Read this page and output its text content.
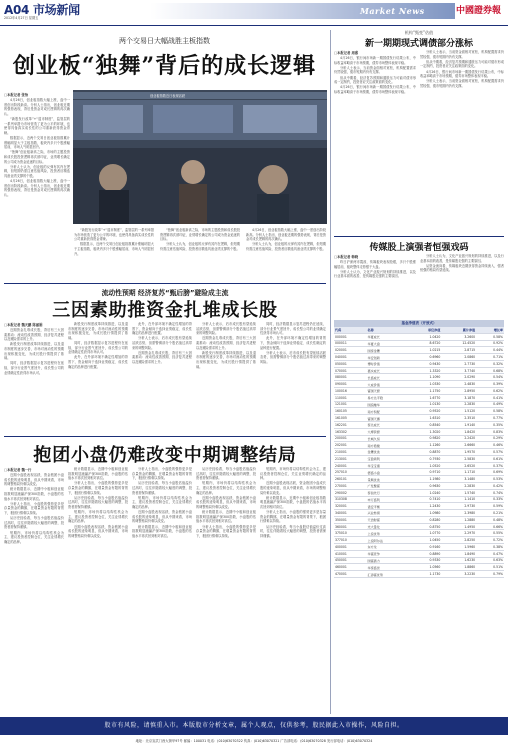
A04 市场新闻
2012年4月27日 星期五
Market News	中國證券報
两个交易日大幅战胜主板指数
创业板“独舞”背后的成长逻辑
□本报记者 张怡

4月26日，创业板指数大幅上涨，盘中一度创出阶段新高。分析人士指出，创业板近期的强势表现，背后是资金对成长逻辑的再次确认。

“新股发行改革”+“退市制度”，监管层的一系列举措为市场营造了更为公平的环境，也使得具备真实成长性的公司重新获得资金青睐。

数据显示，近两个交易日创业板指数累计涨幅明显大于主板指数，板块内多只个股涨幅居前，市场人气明显回升。

“独舞”创业板新高之际，市场的主题投资和成长股投资逻辑再次被印证，业绩增长确定的公司成为资金追逐的目标。

分析人士认为，创业板的反弹有其内在逻辑，但短期仍需注意估值风险，投资者应精选具备业绩支撑的个股。

4月26日，创业板指数大幅上涨，盘中一度创出阶段新高。分析人士指出，创业板近期的强势表现，背后是资金对成长逻辑的再次确认。

创业板指数近日表现活跃

“新股发行改革”+“退市制度”，监管层的一系列举措为市场营造了更为公平的环境，也使得具备真实成长性的公司重新获得资金青睐。

数据显示，近两个交易日创业板指数累计涨幅明显大于主板指数，板块内多只个股涨幅居前，市场人气明显回升。

“独舞”创业板新高之际，市场的主题投资和成长股投资逻辑再次被印证，业绩增长确定的公司成为资金追逐的目标。

分析人士认为，创业板的反弹有其内在逻辑，但短期仍需注意估值风险，投资者应精选具备业绩支撑的个股。

4月26日，创业板指数大幅上涨，盘中一度创出阶段新高。分析人士指出，创业板近期的强势表现，背后是资金对成长逻辑的再次确认。

分析人士认为，创业板的反弹有其内在逻辑，但短期仍需注意估值风险，投资者应精选具备业绩支撑的个股。

流动性预期 经济复苏“甄后膀”避险成主流
三因素助推资金扎堆成长股
□本报记者 魏天鹏 陈丽娟

近期资金扎堆成长股，背后有三大因素推动：流动性改善预期、经济复苏进程以及避险需求的上升。

新股发行制度改革持续推进，以及退市制度的逐步完善，市场对流动性的预期出现积极变化，为成长股行情提供了基础。

同时，经济数据显示复苏进程仍在延续，部分行业景气度回升，成长型公司的业绩确定性获得市场认可。

新股发行制度改革持续推进，以及退市制度的逐步完善，市场对流动性的预期出现积极变化，为成长股行情提供了基础。

同时，经济数据显示复苏进程仍在延续，部分行业景气度回升，成长型公司的业绩确定性获得市场认可。

此外，在外部环境不确定性增加的背景下，资金倾向于选择业绩稳定、成长性确定的品种进行配置。

此外，在外部环境不确定性增加的背景下，资金倾向于选择业绩稳定、成长性确定的品种进行配置。

分析人士表示，后市成长股有望延续活跃态势，但需警惕部分个股估值过高带来的调整风险。

近期资金扎堆成长股，背后有三大因素推动：流动性改善预期、经济复苏进程以及避险需求的上升。

分析人士表示，后市成长股有望延续活跃态势，但需警惕部分个股估值过高带来的调整风险。

近期资金扎堆成长股，背后有三大因素推动：流动性改善预期、经济复苏进程以及避险需求的上升。

新股发行制度改革持续推进，以及退市制度的逐步完善，市场对流动性的预期出现积极变化，为成长股行情提供了基础。

同时，经济数据显示复苏进程仍在延续，部分行业景气度回升，成长型公司的业绩确定性获得市场认可。

此外，在外部环境不确定性增加的背景下，资金倾向于选择业绩稳定、成长性确定的品种进行配置。

分析人士表示，后市成长股有望延续活跃态势，但需警惕部分个股估值过高带来的调整风险。

抱团小盘仍难改变中期调整结局
□本报记者 魏一行

近期小盘股表现活跃，资金抱团小盘成长股的迹象明显，但从中期来看，市场的调整格局仍难以改变。

统计数据显示，近期中小板和创业板指数明显跑赢沪深300指数，小盘股的估值水平再次回到相对高位。

分析人士指出，小盘股的强势更多是存量资金的腾挪，在增量资金有限的背景下，抱团行情难以持续。

从历史经验看，每当小盘股估值溢价过高时，往往伴随着较大幅度的调整，投资者需保持谨慎。

短期内，市场仍将以结构性机会为主，建议投资者控制仓位，关注业绩增长确定的品种。

统计数据显示，近期中小板和创业板指数明显跑赢沪深300指数，小盘股的估值水平再次回到相对高位。

分析人士指出，小盘股的强势更多是存量资金的腾挪，在增量资金有限的背景下，抱团行情难以持续。

从历史经验看，每当小盘股估值溢价过高时，往往伴随着较大幅度的调整，投资者需保持谨慎。

短期内，市场仍将以结构性机会为主，建议投资者控制仓位，关注业绩增长确定的品种。

近期小盘股表现活跃，资金抱团小盘成长股的迹象明显，但从中期来看，市场的调整格局仍难以改变。

分析人士指出，小盘股的强势更多是存量资金的腾挪，在增量资金有限的背景下，抱团行情难以持续。

从历史经验看，每当小盘股估值溢价过高时，往往伴随着较大幅度的调整，投资者需保持谨慎。

短期内，市场仍将以结构性机会为主，建议投资者控制仓位，关注业绩增长确定的品种。

近期小盘股表现活跃，资金抱团小盘成长股的迹象明显，但从中期来看，市场的调整格局仍难以改变。

统计数据显示，近期中小板和创业板指数明显跑赢沪深300指数，小盘股的估值水平再次回到相对高位。

从历史经验看，每当小盘股估值溢价过高时，往往伴随着较大幅度的调整，投资者需保持谨慎。

短期内，市场仍将以结构性机会为主，建议投资者控制仓位，关注业绩增长确定的品种。

近期小盘股表现活跃，资金抱团小盘成长股的迹象明显，但从中期来看，市场的调整格局仍难以改变。

统计数据显示，近期中小板和创业板指数明显跑赢沪深300指数，小盘股的估值水平再次回到相对高位。

分析人士指出，小盘股的强势更多是存量资金的腾挪，在增量资金有限的背景下，抱团行情难以持续。

短期内，市场仍将以结构性机会为主，建议投资者控制仓位，关注业绩增长确定的品种。

近期小盘股表现活跃，资金抱团小盘成长股的迹象明显，但从中期来看，市场的调整格局仍难以改变。

统计数据显示，近期中小板和创业板指数明显跑赢沪深300指数，小盘股的估值水平再次回到相对高位。

分析人士指出，小盘股的强势更多是存量资金的腾挪，在增量资金有限的背景下，抱团行情难以持续。

从历史经验看，每当小盘股估值溢价过高时，往往伴随着较大幅度的调整，投资者需保持谨慎。

机构“甄变”估值
新一期期现式调债部分涨标
□本报记者 周睿

4月26日，银行间市场新一期国债发行结果公布，中标收益率略高于市场预期，债券市场整体表现平稳。

分析人士表示，当前资金面相对宽松，机构配置需求仍然较强，债市短期内仍有支撑。

但从中期看，经济复苏预期和通胀压力可能对债市形成一定制约，投资者应关注政策面的变化。

4月26日，银行间市场新一期国债发行结果公布，中标收益率略高于市场预期，债券市场整体表现平稳。

分析人士表示，当前资金面相对宽松，机构配置需求仍然较强，债市短期内仍有支撑。

但从中期看，经济复苏预期和通胀压力可能对债市形成一定制约，投资者应关注政策面的变化。

4月26日，银行间市场新一期国债发行结果公布，中标收益率略高于市场预期，债券市场整体表现平稳。

分析人士表示，当前资金面相对宽松，机构配置需求仍然较强，债市短期内仍有支撑。

传媒股上演强者恒强戏码
□本报记者 韩晓

昨日沪深两市震荡，传媒板块表现抢眼，多只个股涨幅居前，板块整体走势强于大盘。

分析人士认为，文化产业振兴规划的持续推进，以及行业基本面的改善，是传媒股走强的主要原因。

分析人士认为，文化产业振兴规划的持续推进，以及行业基本面的改善，是传媒股走强的主要原因。

从资金流向看，传媒板块近期获得资金持续流入，强者恒强的格局有望延续。

基金净值表（开放式）
代码	名称	单位净值	累计净值	增长率
000001	华夏成长	1.0420	3.2600	0.58%
000011	华夏大盘	8.6720	12.4520	0.92%
020001	国泰金鹰	1.0215	2.8715	0.44%
040001	华安创新	0.6960	2.0860	0.71%
050001	博时价值	0.9430	2.7730	0.32%
070001	嘉实成长	1.3320	3.7740	0.68%
080001	长盛成长	1.1090	2.0290	0.54%
090001	大成价值	1.0330	2.4830	0.39%
100016	富国天源	1.1750	2.8950	0.62%
110001	易方达平稳	1.6770	3.1870	0.41%
121001	国投融华	1.0130	2.2830	0.49%
160105	南方积配	0.9520	1.5120	0.58%
161005	富国天惠	1.6310	2.3510	0.77%
162201	泰达成长	0.8540	1.9140	0.35%
163302	大摩资源	1.3020	1.8420	0.83%
200001	长城久恒	0.9820	2.2420	0.29%
202001	南方稳健	1.1260	2.6660	0.46%
210001	金鹰优选	0.8870	1.9570	0.57%
213001	宝盈鸿利	0.7930	2.5830	0.61%
240001	华宝宝康	1.0520	2.6520	0.37%
257010	德盛小盘	0.9710	1.1710	0.69%
260101	景顺优选	1.1980	3.1480	0.53%
270001	广发聚富	0.9630	2.2830	0.42%
290002	泰信先行	1.0240	1.5740	0.74%
310308	申万盛利	0.7410	1.1410	0.33%
320001	诺安平衡	1.2430	2.9730	0.59%
340001	兴业转债	1.0980	2.3980	0.21%
350001	天治财富	0.8280	1.2880	0.48%
360001	光大量化	0.8750	1.4950	0.66%
375010	上投优势	1.0770	2.2970	0.55%
377010	上投阿尔法	1.0450	2.8250	0.72%
400001	东方龙	0.9160	1.5960	0.38%
410001	华富竞争	0.8890	1.8490	0.47%
450001	国富潜力	0.9330	1.6230	0.63%
460001	华泰盛世	1.0560	1.8860	0.51%
470001	汇添富优势	1.1730	3.2230	0.79%
股市有风险，请慎重入市。本版股市分析文章，属个人观点，仅供参考，股民据此入市操作，风险自担。
地址：北京宣武门西大街甲97号 邮编：100031 电话：(010)63070322 传真：(010)63070321 广告部电话：(010)63070328 发行部电话：(010)63070324
